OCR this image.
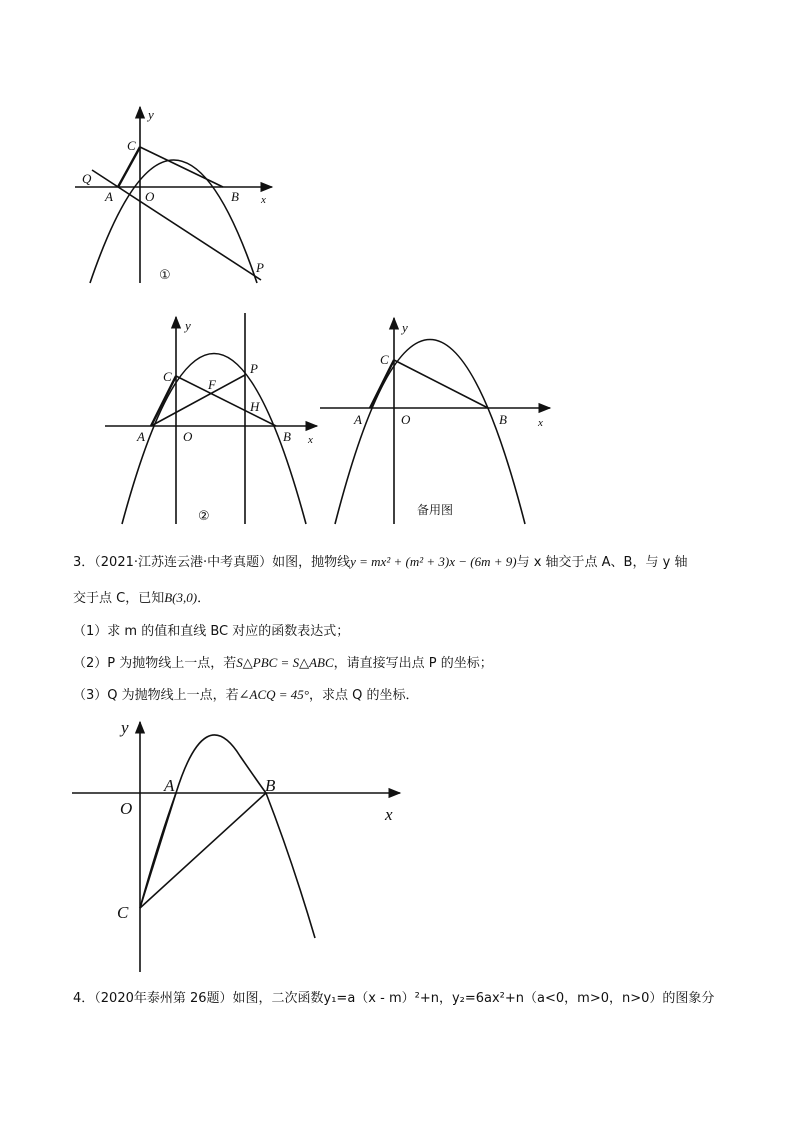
y
C
Q
A O	B x
P
①
y
C
F
P
H
A	O	B x
②
y
C
A	O	B	x
备用图
y
A	B
O	x
C
3．（2021·江苏连云港·中考真题）如图，抛物线y = mx² + (m² + 3)x − (6m + 9)与 x 轴交于点 A、B，与 y 轴
交于点 C，已知B(3,0)．
（1）求 m 的值和直线 BC 对应的函数表达式；
（2）P 为抛物线上一点，若S△PBC = S△ABC，请直接写出点 P 的坐标；
（3）Q 为抛物线上一点，若∠ACQ = 45°，求点 Q 的坐标．
4．（2020年泰州第 26题）如图，二次函数y₁=a（x - m）²+n，y₂=6ax²+n（a<0，m>0，n>0）的图象分
